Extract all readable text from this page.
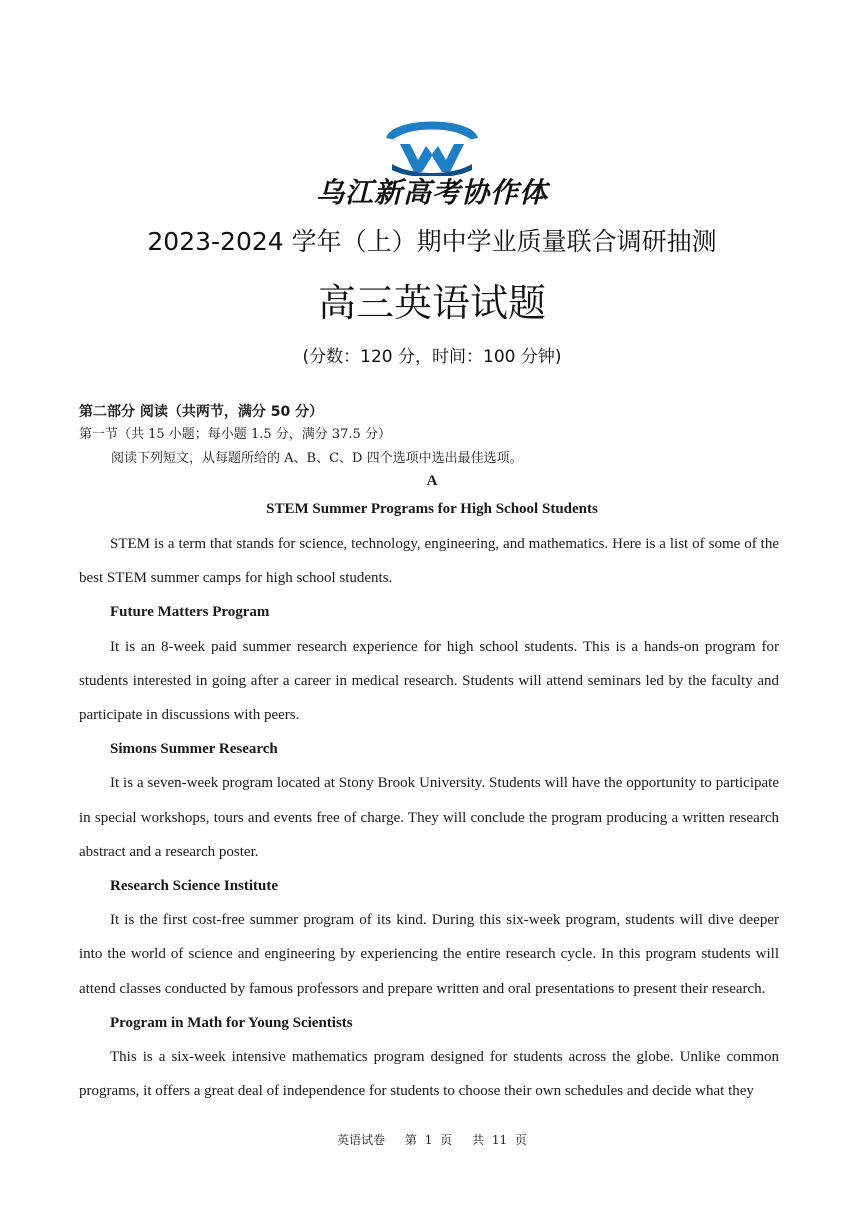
乌江新高考协作体
2023-2024 学年（上）期中学业质量联合调研抽测
高三英语试题
(分数：120 分，时间：100 分钟)
第二部分 阅读（共两节，满分 50 分）
第一节（共 15 小题；每小题 1.5 分，满分 37.5 分）
阅读下列短文，从每题所给的 A、B、C、D 四个选项中选出最佳选项。
A
STEM Summer Programs for High School Students

STEM is a term that stands for science, technology, engineering, and mathematics. Here is a list of some of the best STEM summer camps for high school students.

Future Matters Program

It is an 8-week paid summer research experience for high school students. This is a hands-on program for students interested in going after a career in medical research. Students will attend seminars led by the faculty and participate in discussions with peers.

Simons Summer Research

It is a seven-week program located at Stony Brook University. Students will have the opportunity to participate in special workshops, tours and events free of charge. They will conclude the program producing a written research abstract and a research poster.

Research Science Institute

It is the first cost-free summer program of its kind. During this six-week program, students will dive deeper into the world of science and engineering by experiencing the entire research cycle. In this program students will attend classes conducted by famous professors and prepare written and oral presentations to present their research.

Program in Math for Young Scientists

This is a six-week intensive mathematics program designed for students across the globe. Unlike common programs, it offers a great deal of independence for students to choose their own schedules and decide what they

英语试卷 第 1 页 共 11 页
